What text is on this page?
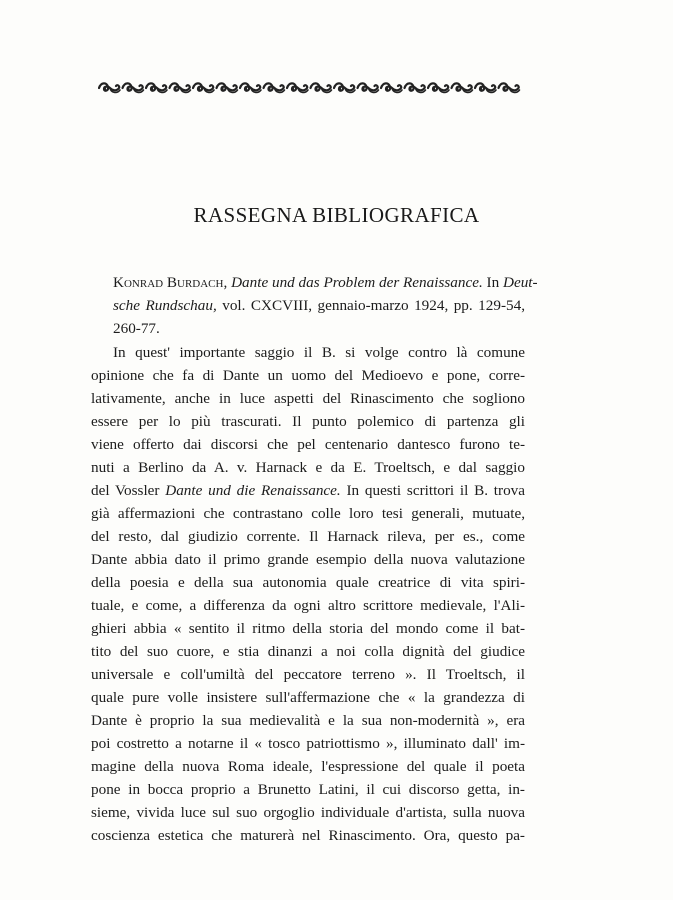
RASSEGNA BIBLIOGRAFICA
Konrad Burdach, Dante und das Problem der Renaissance. In Deut-
sche Rundschau, vol. CXCVIII, gennaio-marzo 1924, pp. 129-54,
260-77.
In quest' importante saggio il B. si volge contro là comune
opinione che fa di Dante un uomo del Medioevo e pone, corre-
lativamente, anche in luce aspetti del Rinascimento che sogliono
essere per lo più trascurati. Il punto polemico di partenza gli
viene offerto dai discorsi che pel centenario dantesco furono te-
nuti a Berlino da A. v. Harnack e da E. Troeltsch, e dal saggio
del Vossler Dante und die Renaissance. In questi scrittori il B. trova
già affermazioni che contrastano colle loro tesi generali, mutuate,
del resto, dal giudizio corrente. Il Harnack rileva, per es., come
Dante abbia dato il primo grande esempio della nuova valutazione
della poesia e della sua autonomia quale creatrice di vita spiri-
tuale, e come, a differenza da ogni altro scrittore medievale, l'Ali-
ghieri abbia « sentito il ritmo della storia del mondo come il bat-
tito del suo cuore, e stia dinanzi a noi colla dignità del giudice
universale e coll'umiltà del peccatore terreno ». Il Troeltsch, il
quale pure volle insistere sull'affermazione che « la grandezza di
Dante è proprio la sua medievalità e la sua non-modernità », era
poi costretto a notarne il « tosco patriottismo », illuminato dall' im-
magine della nuova Roma ideale, l'espressione del quale il poeta
pone in bocca proprio a Brunetto Latini, il cui discorso getta, in-
sieme, vivida luce sul suo orgoglio individuale d'artista, sulla nuova
coscienza estetica che maturerà nel Rinascimento. Ora, questo pa-
